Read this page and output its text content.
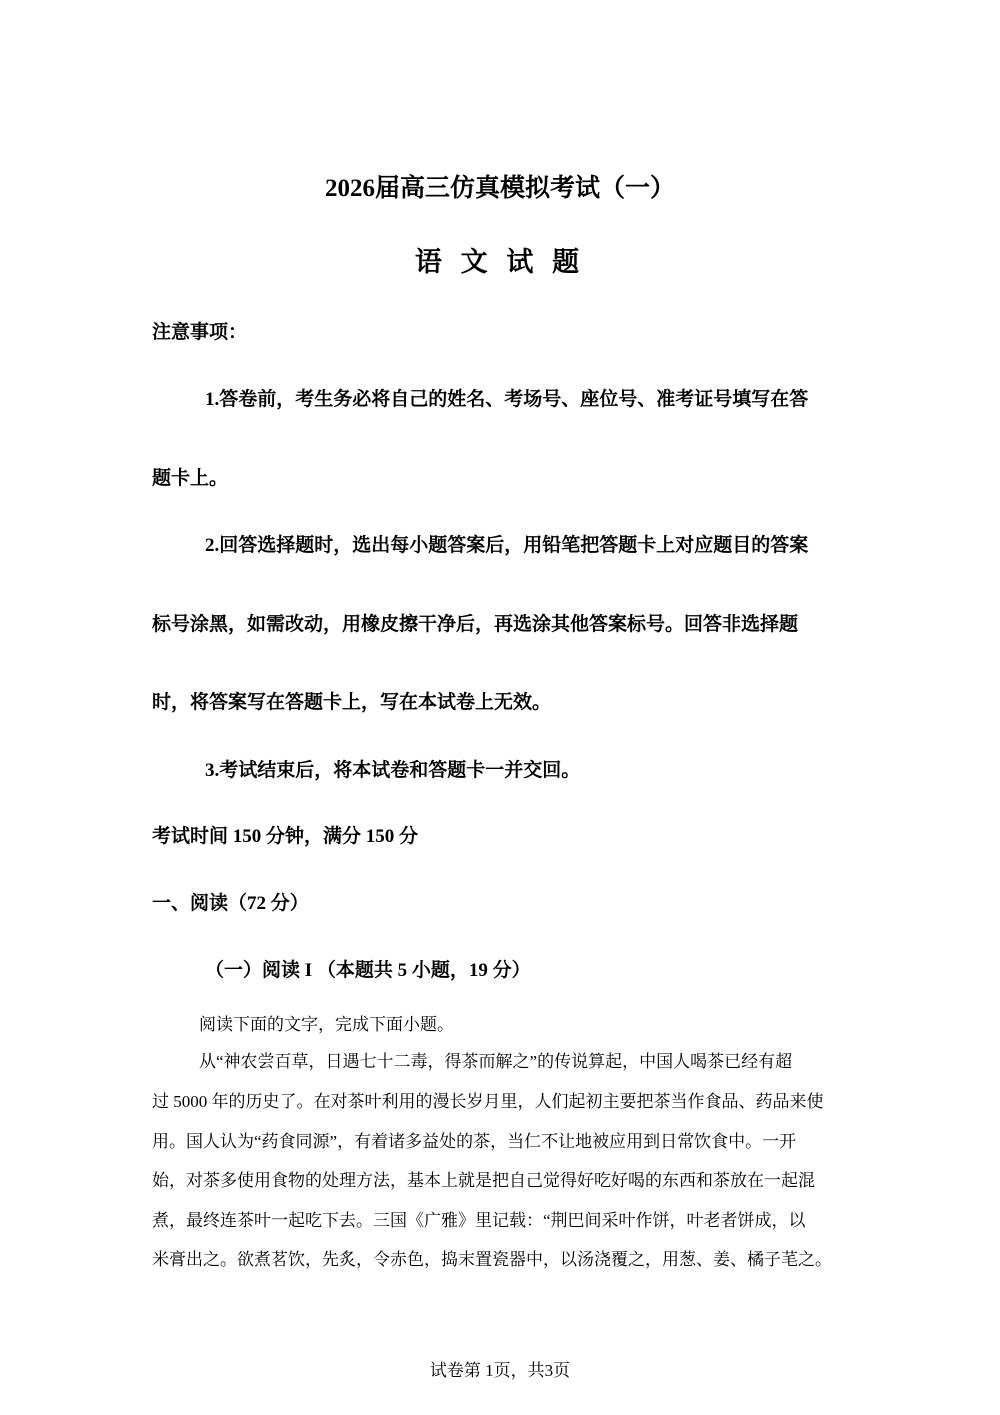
2026届高三仿真模拟考试（一）
语 文 试 题
注意事项：
1.答卷前，考生务必将自己的姓名、考场号、座位号、准考证号填写在答
题卡上。
2.回答选择题时，选出每小题答案后，用铅笔把答题卡上对应题目的答案
标号涂黑，如需改动，用橡皮擦干净后，再选涂其他答案标号。回答非选择题
时，将答案写在答题卡上，写在本试卷上无效。
3.考试结束后，将本试卷和答题卡一并交回。
考试时间 150 分钟，满分 150 分
一、阅读（72 分）
（一）阅读 I （本题共 5 小题，19 分）
阅读下面的文字，完成下面小题。
从“神农尝百草，日遇七十二毒，得茶而解之”的传说算起，中国人喝茶已经有超
过 5000 年的历史了。在对茶叶利用的漫长岁月里，人们起初主要把茶当作食品、药品来使
用。国人认为“药食同源”，有着诸多益处的茶，当仁不让地被应用到日常饮食中。一开
始，对茶多使用食物的处理方法，基本上就是把自己觉得好吃好喝的东西和茶放在一起混
煮，最终连茶叶一起吃下去。三国《广雅》里记载：“荆巴间采叶作饼，叶老者饼成，以
米膏出之。欲煮茗饮，先炙，令赤色，捣末置瓷器中，以汤浇覆之，用葱、姜、橘子芼之。
试卷第 1页，共3页
